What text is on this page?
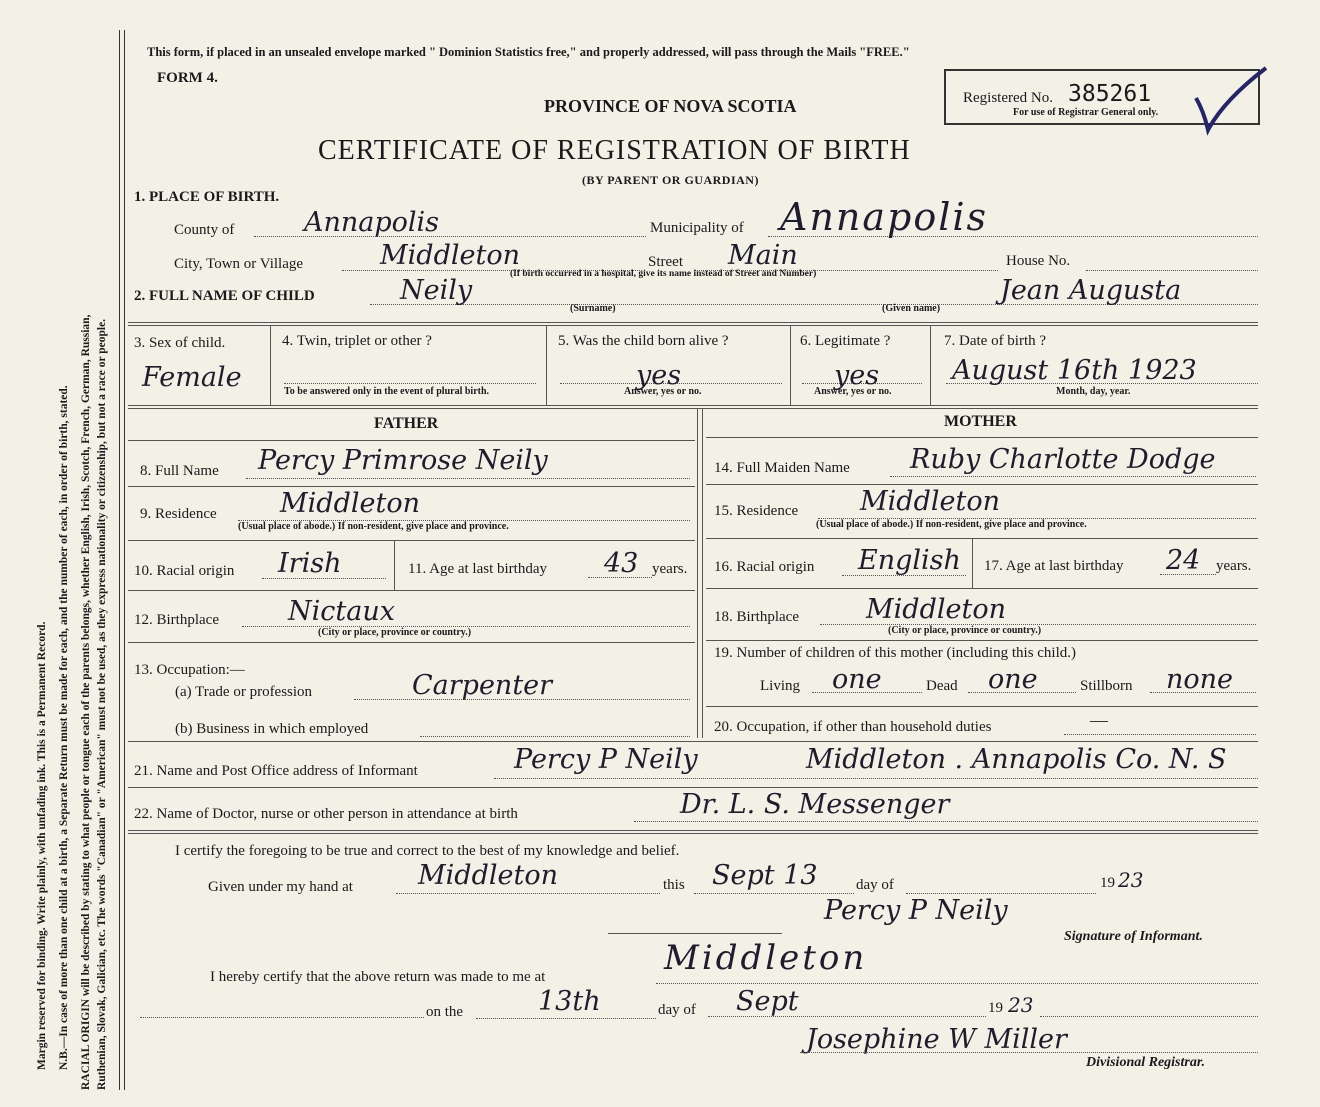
Margin reserved for binding. Write plainly, with unfading ink. This is a Permanent Record. N.B.—In case of more than one child at a birth, a Separate Return must be made for each, and the number of each, in order of birth, stated. RACIAL ORIGIN will be described by stating to what people or tongue each of the parents belongs, whether English, Irish, Scotch, French, German, Russian, Ruthenian, Slovak, Galician, etc. The words "Canadian" or "American" must not be used, as they express nationality or citizenship, but not a race or people.
This form, if placed in an unsealed envelope marked " Dominion Statistics free," and properly addressed, will pass through the Mails "FREE."
FORM 4.
PROVINCE OF NOVA SCOTIA
CERTIFICATE OF REGISTRATION OF BIRTH
(BY PARENT OR GUARDIAN)
Registered No. 385261
For use of Registrar General only.
1. PLACE OF BIRTH.
County of	Annapolis	Municipality of Annapolis
City, Town or Village	Middleton	Street Main	House No.
(If birth occurred in a hospital, give its name instead of Street and Number)
2. FULL NAME OF CHILD	Neily
(Surname)
Jean Augusta
(Given name)
3. Sex of child.
Female
4. Twin, triplet or other ?
To be answered only in the event of plural birth.
5. Was the child born alive ?
yes
Answer, yes or no.
6. Legitimate ?
yes
Answer, yes or no.
7. Date of birth ?
August 16th 1923
Month, day, year.
FATHER	MOTHER
8. Full Name Percy Primrose Neily
9. Residence Middleton
(Usual place of abode.) If non-resident, give place and province.
10. Racial origin Irish	11. Age at last birthday 43 years.
12. Birthplace	Nictaux
(City or place, province or country.)
13. Occupation:—
(a) Trade or profession	Carpenter
(b) Business in which employed
14. Full Maiden Name Ruby Charlotte Dodge
15. Residence Middleton
(Usual place of abode.) If non-resident, give place and province.
16. Racial origin English 17. Age at last birthday 24 years.
18. Birthplace Middleton
(City or place, province or country.)
19. Number of children of this mother (including this child.)
Living one	Dead one	Stillborn none
20. Occupation, if other than household duties	—
21. Name and Post Office address of Informant	Percy P Neily	Middleton . Annapolis Co. N. S
22. Name of Doctor, nurse or other person in attendance at birth	Dr. L. S. Messenger
I certify the foregoing to be true and correct to the best of my knowledge and belief.
Given under my hand at Middleton	this Sept 13	day of	19 23
Percy P Neily
Signature of Informant.
I hereby certify that the above return was made to me at	Middleton
on the	13th	day of Sept	19 23
Josephine W Miller
Divisional Registrar.
